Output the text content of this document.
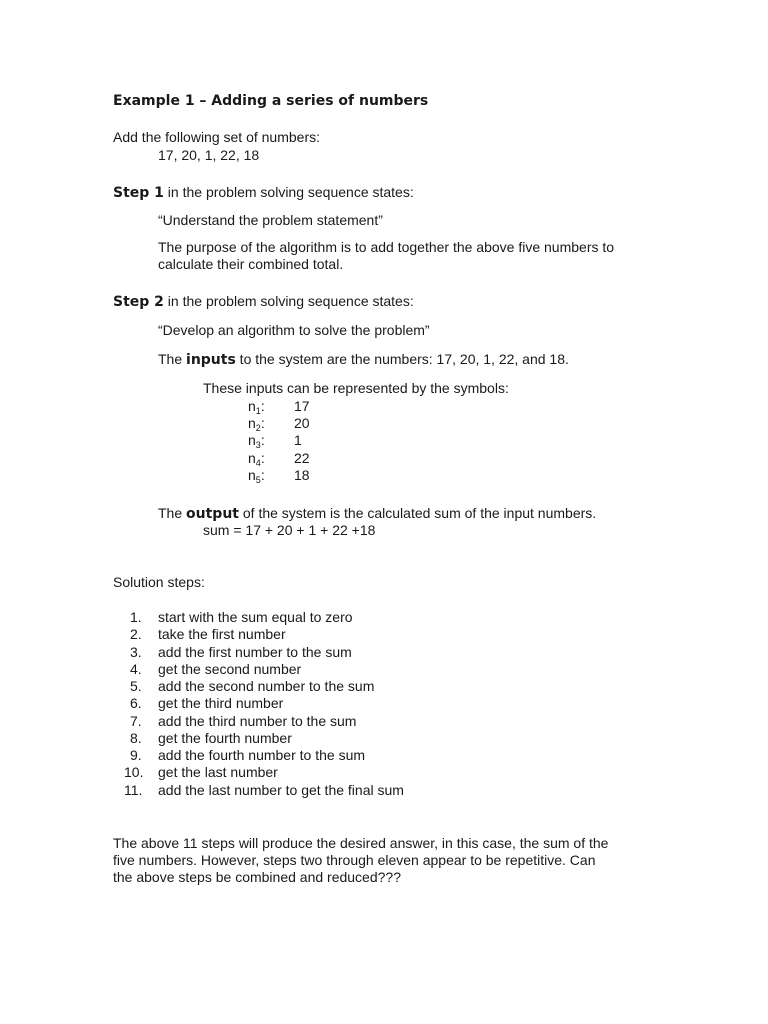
Example 1 – Adding a series of numbers
Add the following set of numbers:
17, 20, 1, 22, 18
Step 1 in the problem solving sequence states:
“Understand the problem statement”
The purpose of the algorithm is to add together the above five numbers to
calculate their combined total.
Step 2 in the problem solving sequence states:
“Develop an algorithm to solve the problem”
The inputs to the system are the numbers: 17, 20, 1, 22, and 18.
These inputs can be represented by the symbols:
$n_1$: 17
$n_2$: 20
$n_3$: 1
$n_4$: 22
$n_5$: 18
The output of the system is the calculated sum of the input numbers.
sum = 17 + 20 + 1 + 22 +18
Solution steps:
1.	start with the sum equal to zero
2.	take the first number
3.	add the first number to the sum
4.	get the second number
5.	add the second number to the sum
6.	get the third number
7.	add the third number to the sum
8.	get the fourth number
9.	add the fourth number to the sum
10.	get the last number
11.	add the last number to get the final sum
The above 11 steps will produce the desired answer, in this case, the sum of the
five numbers. However, steps two through eleven appear to be repetitive. Can
the above steps be combined and reduced???
